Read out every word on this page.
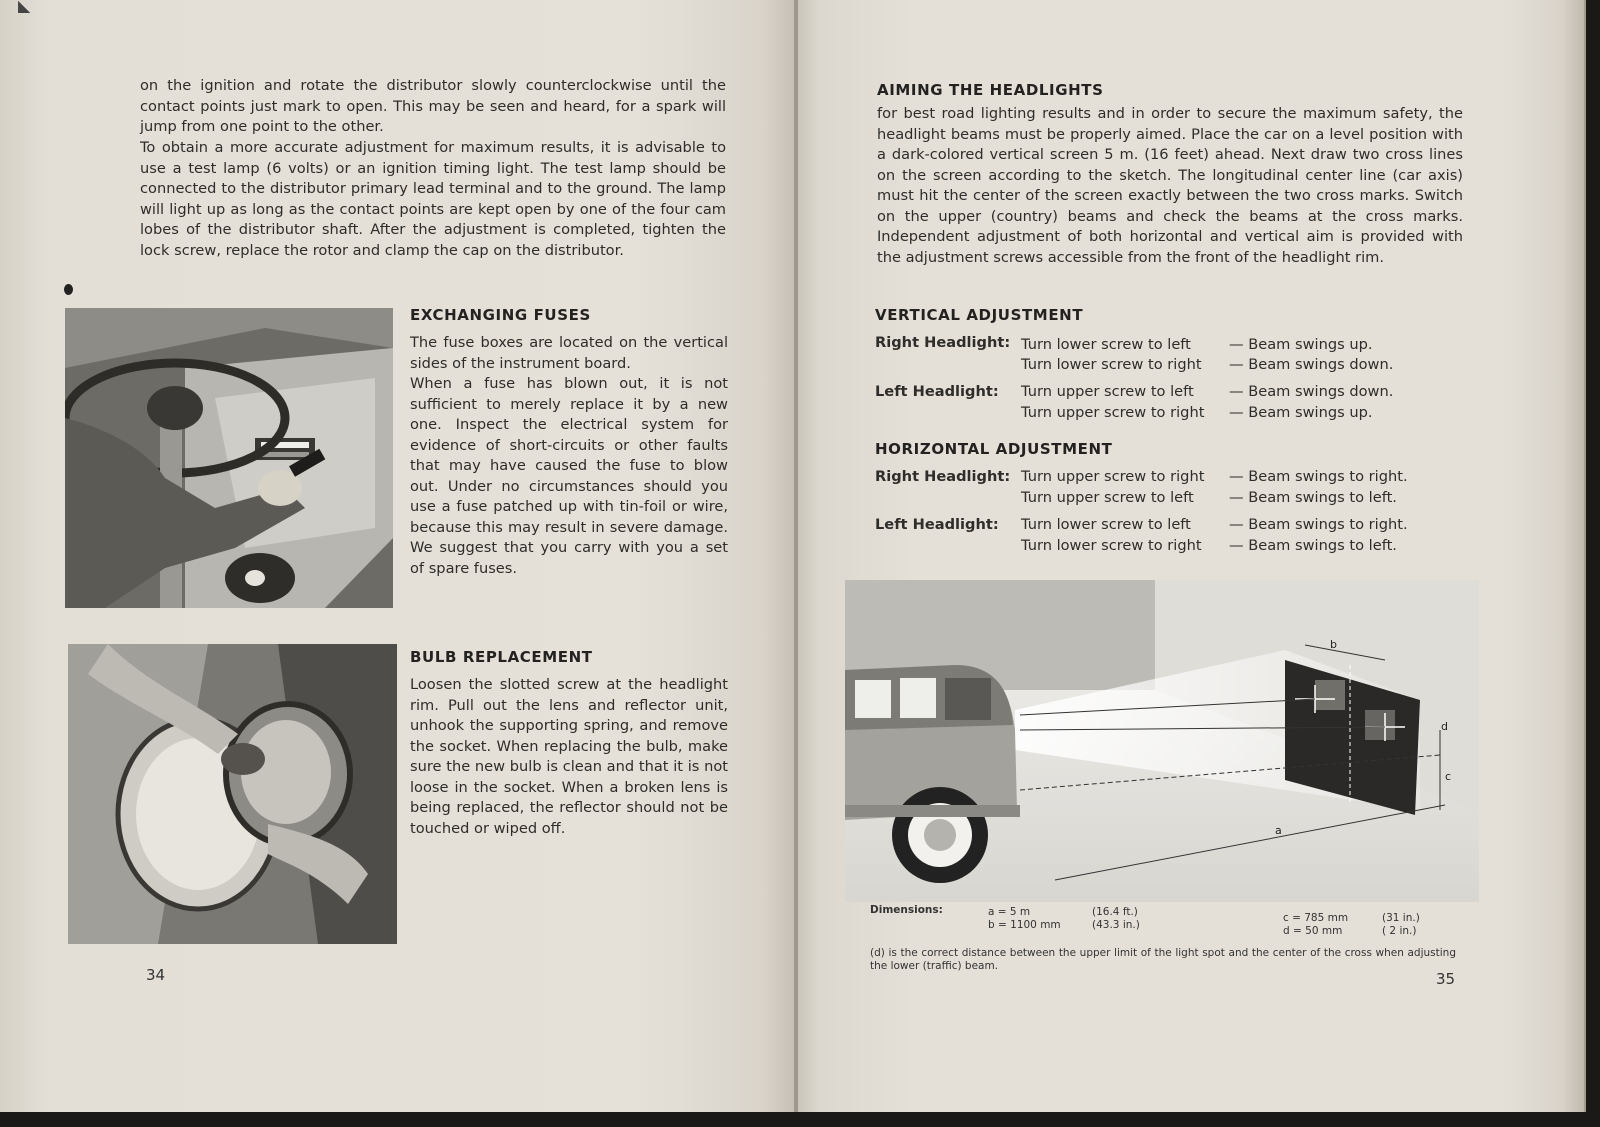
◣

on the ignition and rotate the distributor slowly counterclockwise until the contact points just mark to open. This may be seen and heard, for a spark will jump from one point to the other.

To obtain a more accurate adjustment for maximum results, it is advisable to use a test lamp (6 volts) or an ignition timing light. The test lamp should be connected to the distributor primary lead terminal and to the ground. The lamp will light up as long as the contact points are kept open by one of the four cam lobes of the distributor shaft. After the adjustment is completed, tighten the lock screw, replace the rotor and clamp the cap on the distributor.

EXCHANGING FUSES

The fuse boxes are located on the vertical sides of the instrument board.

When a fuse has blown out, it is not sufficient to merely replace it by a new one. Inspect the electrical system for evidence of short-circuits or other faults that may have caused the fuse to blow out. Under no circumstances should you use a fuse patched up with tin-foil or wire, because this may result in severe damage. We suggest that you carry with you a set of spare fuses.

BULB REPLACEMENT

Loosen the slotted screw at the headlight rim. Pull out the lens and reflector unit, unhook the supporting spring, and remove the socket. When replacing the bulb, make sure the new bulb is clean and that it is not loose in the socket. When a broken lens is being replaced, the reflector should not be touched or wiped off.

34

AIMING THE HEADLIGHTS

for best road lighting results and in order to secure the maximum safety, the headlight beams must be properly aimed. Place the car on a level position with a dark-colored vertical screen 5 m. (16 feet) ahead. Next draw two cross lines on the screen according to the sketch. The longitudinal center line (car axis) must hit the center of the screen exactly between the two cross marks. Switch on the upper (country) beams and check the beams at the cross marks. Independent adjustment of both horizontal and vertical aim is provided with the adjustment screws accessible from the front of the headlight rim.

VERTICAL ADJUSTMENT

Right Headlight: Turn lower screw to left	— Beam swings up.
Turn lower screw to right — Beam swings down.
Left Headlight: Turn upper screw to left — Beam swings down.
Turn upper screw to right — Beam swings up.

HORIZONTAL ADJUSTMENT

Right Headlight: Turn upper screw to right — Beam swings to right.
Turn upper screw to left — Beam swings to left.
Left Headlight: Turn lower screw to left	— Beam swings to right.
Turn lower screw to right — Beam swings to left.
b
d
c
a
Dimensions:	a = 5 m	(16.4 ft.)
b = 1100 mm	(43.3 in.)
c = 785 mm	(31 in.)
d = 50 mm	( 2 in.)

(d) is the correct distance between the upper limit of the light spot and the center of the cross when adjusting the lower (traffic) beam.

35
